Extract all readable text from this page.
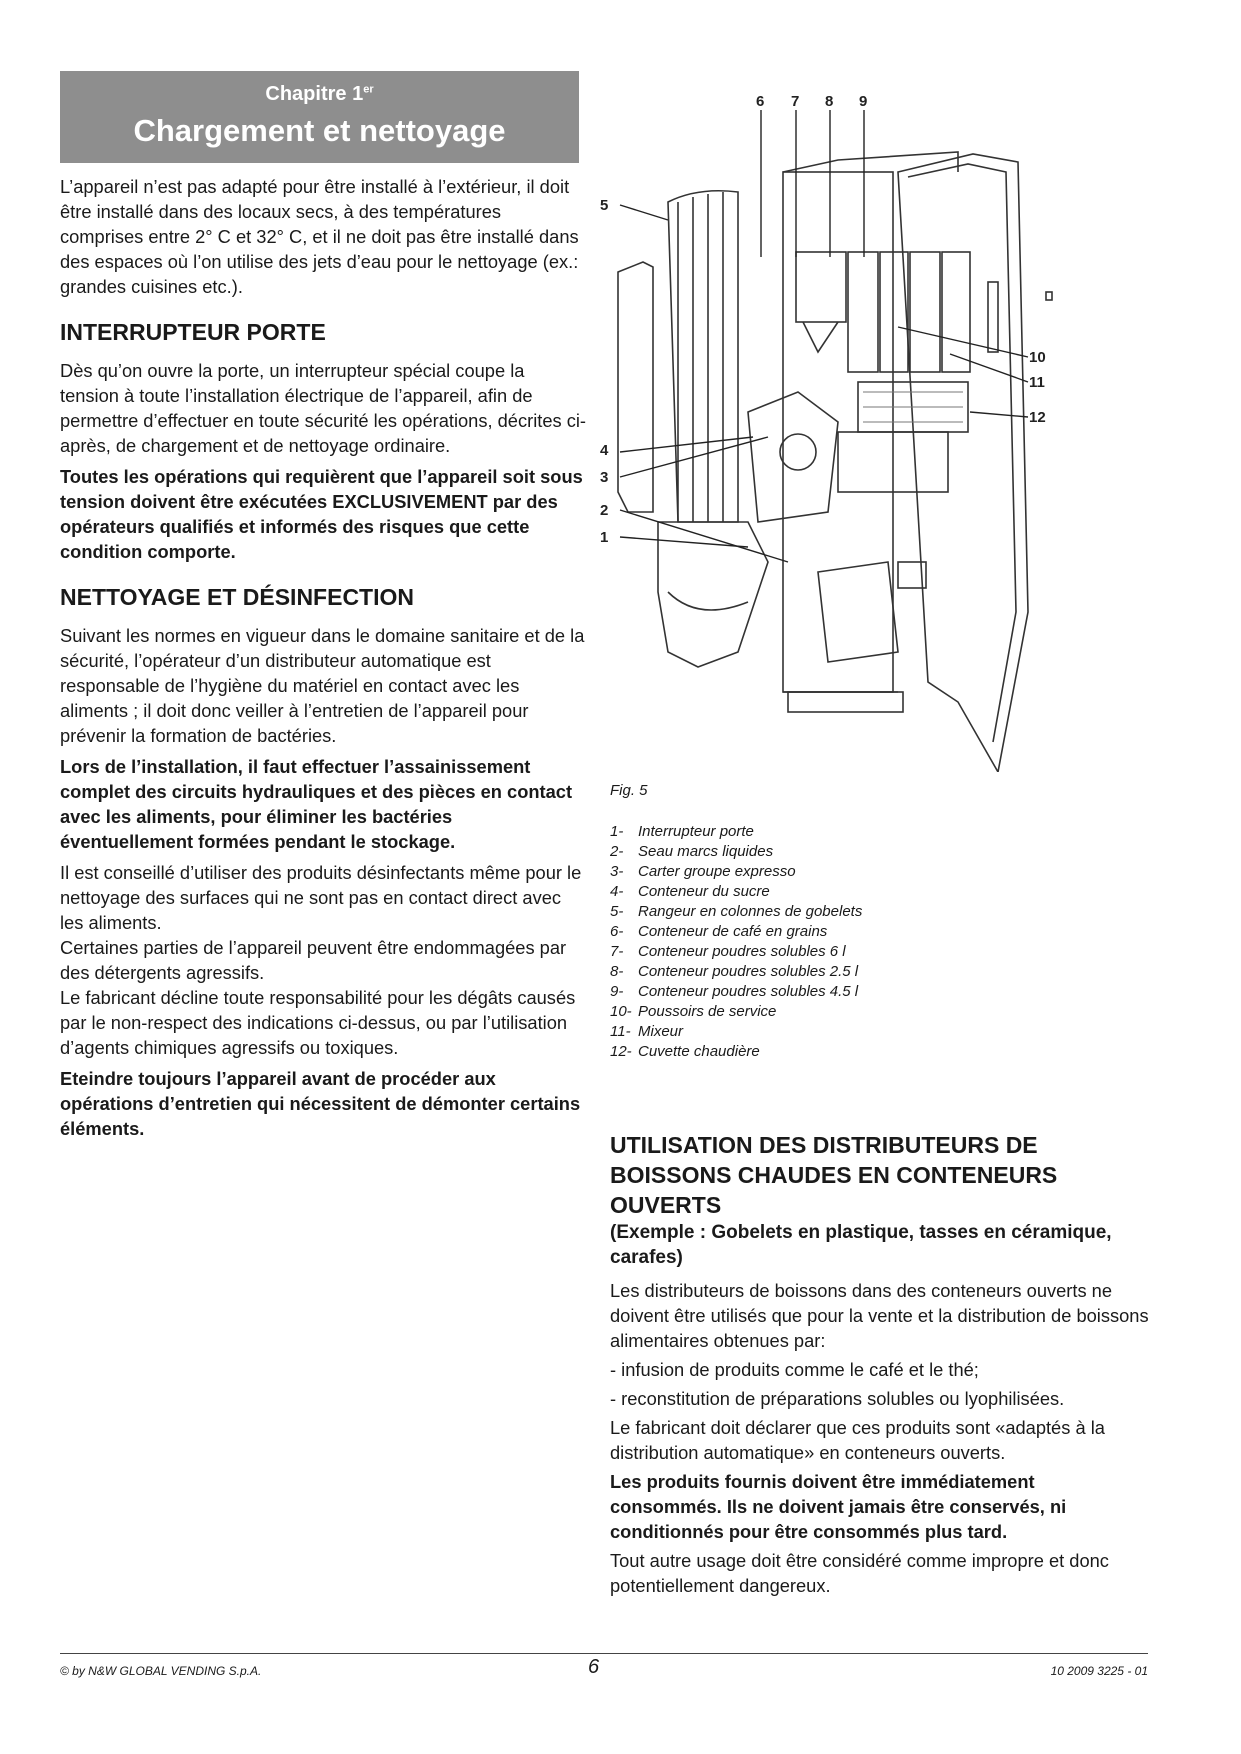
Chapitre 1er
Chargement et nettoyage

L’appareil n’est pas adapté pour être installé à l’extérieur, il doit être installé dans des locaux secs, à des températures comprises entre 2° C et 32° C, et il ne doit pas être installé dans des espaces où l’on utilise des jets d’eau pour le nettoyage (ex.: grandes cuisines etc.).

INTERRUPTEUR PORTE

Dès qu’on ouvre la porte, un interrupteur spécial coupe la tension à toute l’installation électrique de l’appareil, afin de permettre d’effectuer en toute sécurité les opérations, décrites ci-après, de chargement et de nettoyage ordinaire.

Toutes les opérations qui requièrent que l’appareil soit sous tension doivent être exécutées EXCLUSIVEMENT par des opérateurs qualifiés et informés des risques que cette condition comporte.

NETTOYAGE ET DÉSINFECTION

Suivant les normes en vigueur dans le domaine sanitaire et de la sécurité, l’opérateur d’un distributeur automatique est responsable de l’hygiène du matériel en contact avec les aliments ; il doit donc veiller à l’entretien de l’appareil pour prévenir la formation de bactéries.

Lors de l’installation, il faut effectuer l’assainissement complet des circuits hydrauliques et des pièces en contact avec les aliments, pour éliminer les bactéries éventuellement formées pendant le stockage.

Il est conseillé d’utiliser des produits désinfectants même pour le nettoyage des surfaces qui ne sont pas en contact direct avec les aliments.

Certaines parties de l’appareil peuvent être endommagées par des détergents agressifs.

Le fabricant décline toute responsabilité pour les dégâts causés par le non-respect des indications ci-dessus, ou par l’utilisation d’agents chimiques agressifs ou toxiques.

Eteindre toujours l’appareil avant de procéder aux opérations d’entretien qui nécessitent de démonter certains éléments.

1
2
3
4
5
6 7 8 9
12
11
10
Fig. 5
1- Interrupteur porte
2- Seau marcs liquides
3- Carter groupe expresso
4- Conteneur du sucre
5- Rangeur en colonnes de gobelets
6- Conteneur de café en grains
7- Conteneur poudres solubles 6 l
8- Conteneur poudres solubles 2.5 l
9- Conteneur poudres solubles 4.5 l
10- Poussoirs de service
11- Mixeur
12- Cuvette chaudière
UTILISATION DES DISTRIBUTEURS DE BOISSONS CHAUDES EN CONTENEURS OUVERTS
(Exemple : Gobelets en plastique, tasses en céramique, carafes)

Les distributeurs de boissons dans des conteneurs ouverts ne doivent être utilisés que pour la vente et la distribution de boissons alimentaires obtenues par:

- infusion de produits comme le café et le thé;

- reconstitution de préparations solubles ou lyophilisées.

Le fabricant doit déclarer que ces produits sont «adaptés à la distribution automatique» en conteneurs ouverts.

Les produits fournis doivent être immédiatement consommés. Ils ne doivent jamais être conservés, ni conditionnés pour être consommés plus tard.

Tout autre usage doit être considéré comme impropre et donc potentiellement dangereux.

© by N&W GLOBAL VENDING S.p.A.	6	10 2009 3225 - 01
